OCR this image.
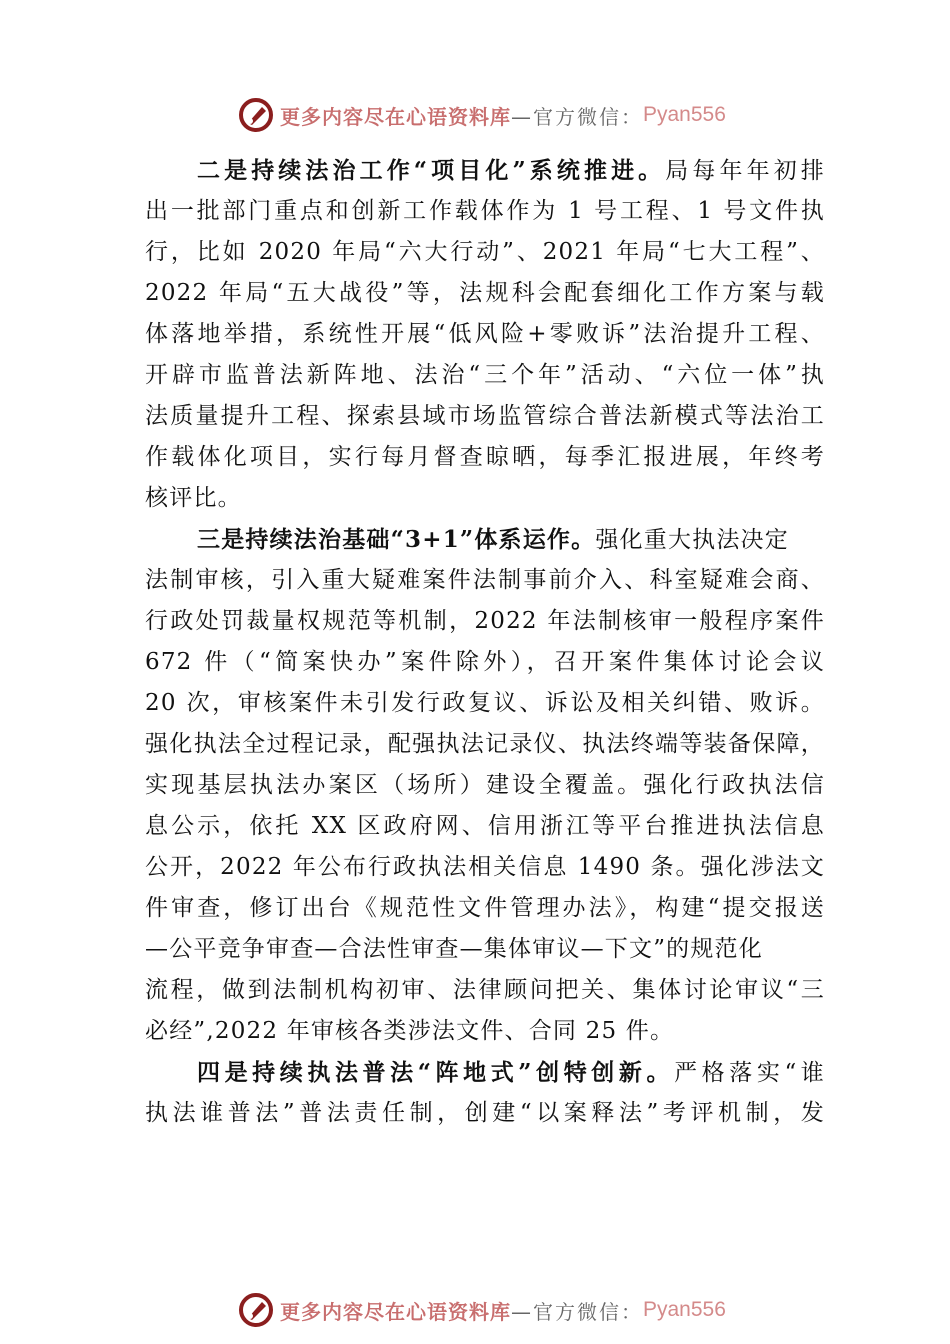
更多内容尽在心语资料库 —官方微信： Pyan556
二是持续法治工作“项目化”系统推进。局每年年初排
出一批部门重点和创新工作载体作为 1 号工程、1 号文件执
行，比如 2020 年局“六大行动”、2021 年局“七大工程”、
2022 年局“五大战役”等，法规科会配套细化工作方案与载
体落地举措，系统性开展“低风险+零败诉”法治提升工程、
开辟市监普法新阵地、法治“三个年”活动、“六位一体”执
法质量提升工程、探索县域市场监管综合普法新模式等法治工
作载体化项目，实行每月督查晾晒，每季汇报进展，年终考
核评比。
三是持续法治基础“3+1”体系运作。强化重大执法决定
法制审核，引入重大疑难案件法制事前介入、科室疑难会商、
行政处罚裁量权规范等机制，2022 年法制核审一般程序案件
672 件（“简案快办”案件除外），召开案件集体讨论会议
20 次，审核案件未引发行政复议、诉讼及相关纠错、败诉。
强化执法全过程记录，配强执法记录仪、执法终端等装备保障，
实现基层执法办案区（场所）建设全覆盖。强化行政执法信
息公示，依托 XX 区政府网、信用浙江等平台推进执法信息
公开，2022 年公布行政执法相关信息 1490 条。强化涉法文
件审查，修订出台《规范性文件管理办法》，构建“提交报送
—公平竞争审查—合法性审查—集体审议—下文”的规范化
流程，做到法制机构初审、法律顾问把关、集体讨论审议“三
必经”,2022 年审核各类涉法文件、合同 25 件。
四是持续执法普法“阵地式”创特创新。严格落实“谁
执法谁普法”普法责任制，创建“以案释法”考评机制，发
更多内容尽在心语资料库 —官方微信： Pyan556
